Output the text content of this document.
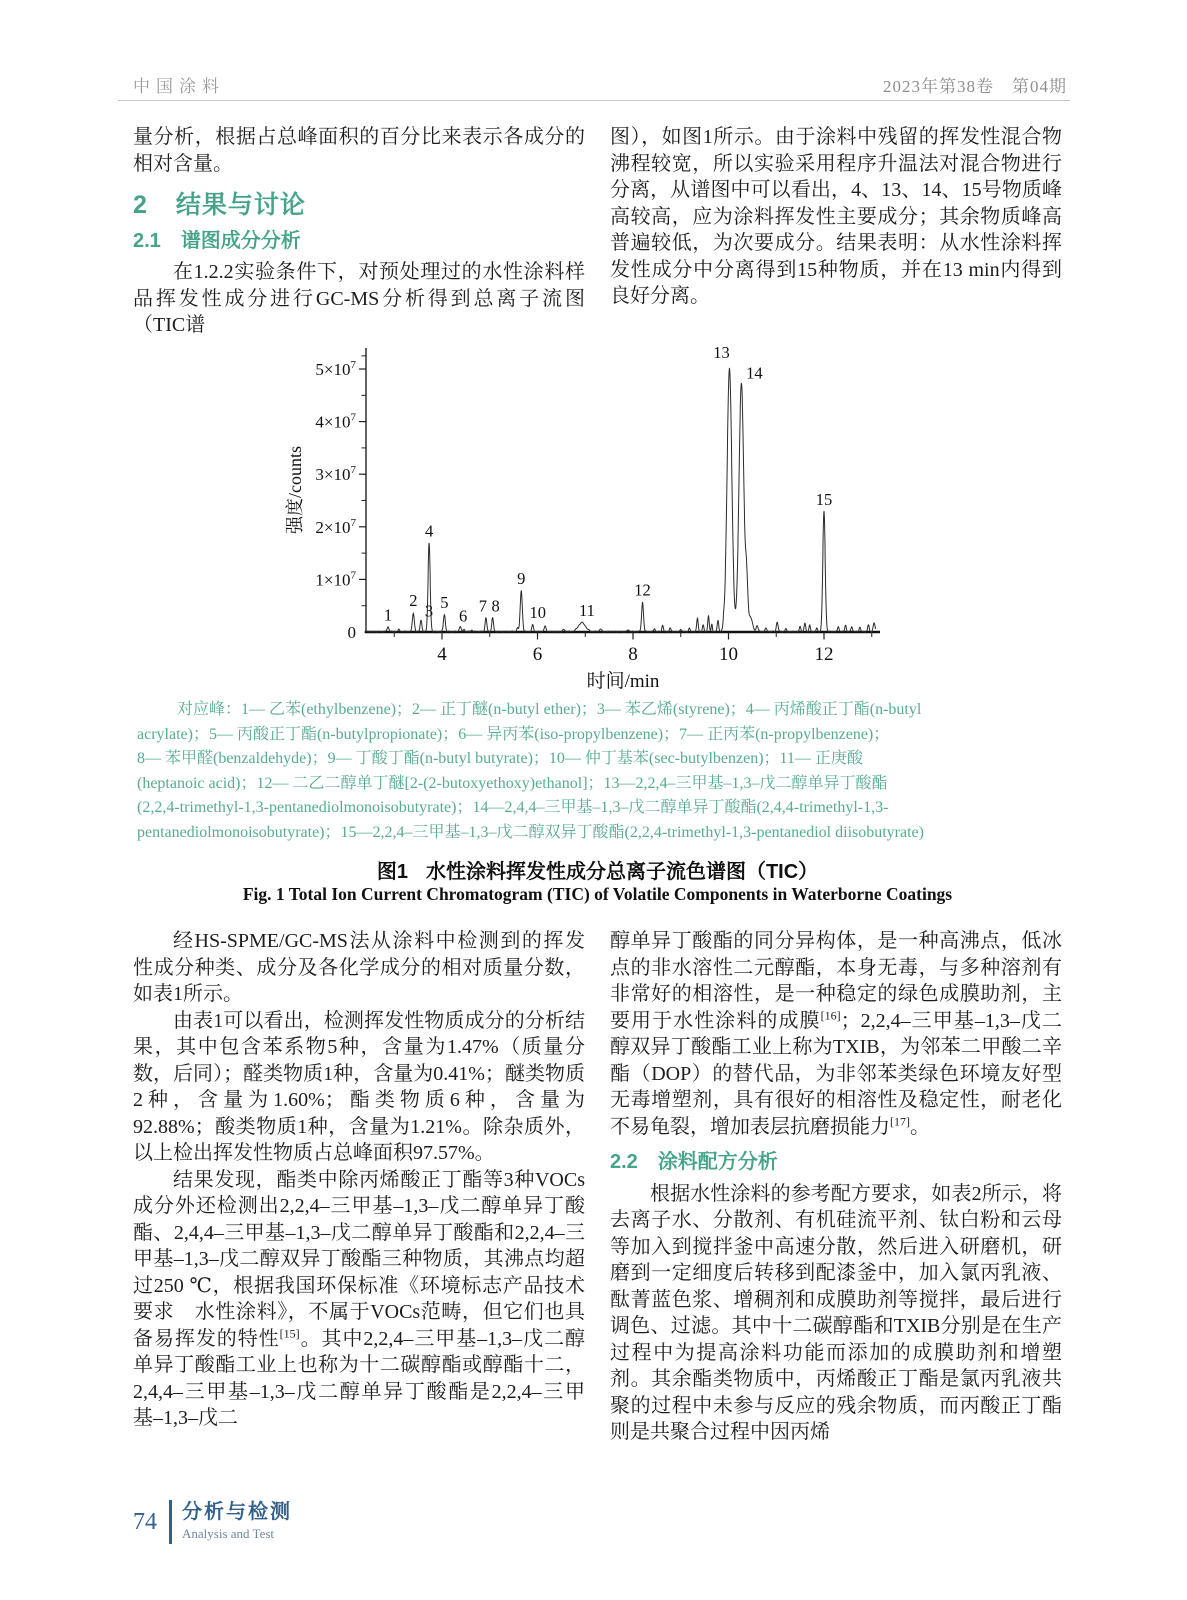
中国涂料	2023年第38卷　第04期

量分析，根据占总峰面积的百分比来表示各成分的相对含量。

2 结果与讨论
2.1 谱图成分分析

在1.2.2实验条件下，对预处理过的水性涂料样品挥发性成分进行GC-MS分析得到总离子流图（TIC谱

图），如图1所示。由于涂料中残留的挥发性混合物沸程较宽，所以实验采用程序升温法对混合物进行分离，从谱图中可以看出，4、13、14、15号物质峰高较高，应为涂料挥发性主要成分；其余物质峰高普遍较低，为次要成分。结果表明：从水性涂料挥发性成分中分离得到15种物质，并在13 min内得到良好分离。

0
$1\times 10^7$
$2\times 10^7$
$3\times 10^7$
$4\times 10^7$
$5\times 10^7$
4	6	8	10	12
强度/counts
时间/min
1
2
3
4
5
6
7 8
9
10 11
12
13
14
15
对应峰：1— 乙苯(ethylbenzene)；2— 正丁醚(n-butyl ether)；3— 苯乙烯(styrene)；4— 丙烯酸正丁酯(n-butyl
acrylate)；5— 丙酸正丁酯(n-butylpropionate)；6— 异丙苯(iso-propylbenzene)；7— 正丙苯(n-propylbenzene)；
8— 苯甲醛(benzaldehyde)；9— 丁酸丁酯(n-butyl butyrate)；10— 仲丁基苯(sec-butylbenzen)；11— 正庚酸
(heptanoic acid)；12— 二乙二醇单丁醚[2-(2-butoxyethoxy)ethanol]；13—2,2,4–三甲基–1,3–戊二醇单异丁酸酯
(2,2,4-trimethyl-1,3-pentanediolmonoisobutyrate)；14—2,4,4–三甲基–1,3–戊二醇单异丁酸酯(2,4,4-trimethyl-1,3-
pentanediolmonoisobutyrate)；15—2,2,4–三甲基–1,3–戊二醇双异丁酸酯(2,2,4-trimethyl-1,3-pentanediol diisobutyrate)
图1 水性涂料挥发性成分总离子流色谱图（TIC）
Fig. 1 Total Ion Current Chromatogram (TIC) of Volatile Components in Waterborne Coatings

经HS-SPME/GC-MS法从涂料中检测到的挥发性成分种类、成分及各化学成分的相对质量分数，如表1所示。

由表1可以看出，检测挥发性物质成分的分析结果，其中包含苯系物5种，含量为1.47%（质量分数，后同）；醛类物质1种，含量为0.41%；醚类物质2种，含量为1.60%；酯类物质6种，含量为92.88%；酸类物质1种，含量为1.21%。除杂质外，以上检出挥发性物质占总峰面积97.57%。

结果发现，酯类中除丙烯酸正丁酯等3种VOCs成分外还检测出2,2,4–三甲基–1,3–戊二醇单异丁酸酯、2,4,4–三甲基–1,3–戊二醇单异丁酸酯和2,2,4–三甲基–1,3–戊二醇双异丁酸酯三种物质，其沸点均超过250 ℃，根据我国环保标准《环境标志产品技术要求　水性涂料》，不属于VOCs范畴，但它们也具备易挥发的特性[15]。其中2,2,4–三甲基–1,3–戊二醇单异丁酸酯工业上也称为十二碳醇酯或醇酯十二，2,4,4–三甲基–1,3–戊二醇单异丁酸酯是2,2,4–三甲基–1,3–戊二

醇单异丁酸酯的同分异构体，是一种高沸点，低冰点的非水溶性二元醇酯，本身无毒，与多种溶剂有非常好的相溶性，是一种稳定的绿色成膜助剂，主要用于水性涂料的成膜[16]；2,2,4–三甲基–1,3–戊二醇双异丁酸酯工业上称为TXIB，为邻苯二甲酸二辛酯（DOP）的替代品，为非邻苯类绿色环境友好型无毒增塑剂，具有很好的相溶性及稳定性，耐老化不易龟裂，增加表层抗磨损能力[17]。

2.2 涂料配方分析

根据水性涂料的参考配方要求，如表2所示，将去离子水、分散剂、有机硅流平剂、钛白粉和云母等加入到搅拌釜中高速分散，然后进入研磨机，研磨到一定细度后转移到配漆釜中，加入氯丙乳液、酞菁蓝色浆、增稠剂和成膜助剂等搅拌，最后进行调色、过滤。其中十二碳醇酯和TXIB分别是在生产过程中为提高涂料功能而添加的成膜助剂和增塑剂。其余酯类物质中，丙烯酸正丁酯是氯丙乳液共聚的过程中未参与反应的残余物质，而丙酸正丁酯则是共聚合过程中因丙烯

74 分析与检测
Analysis and Test
